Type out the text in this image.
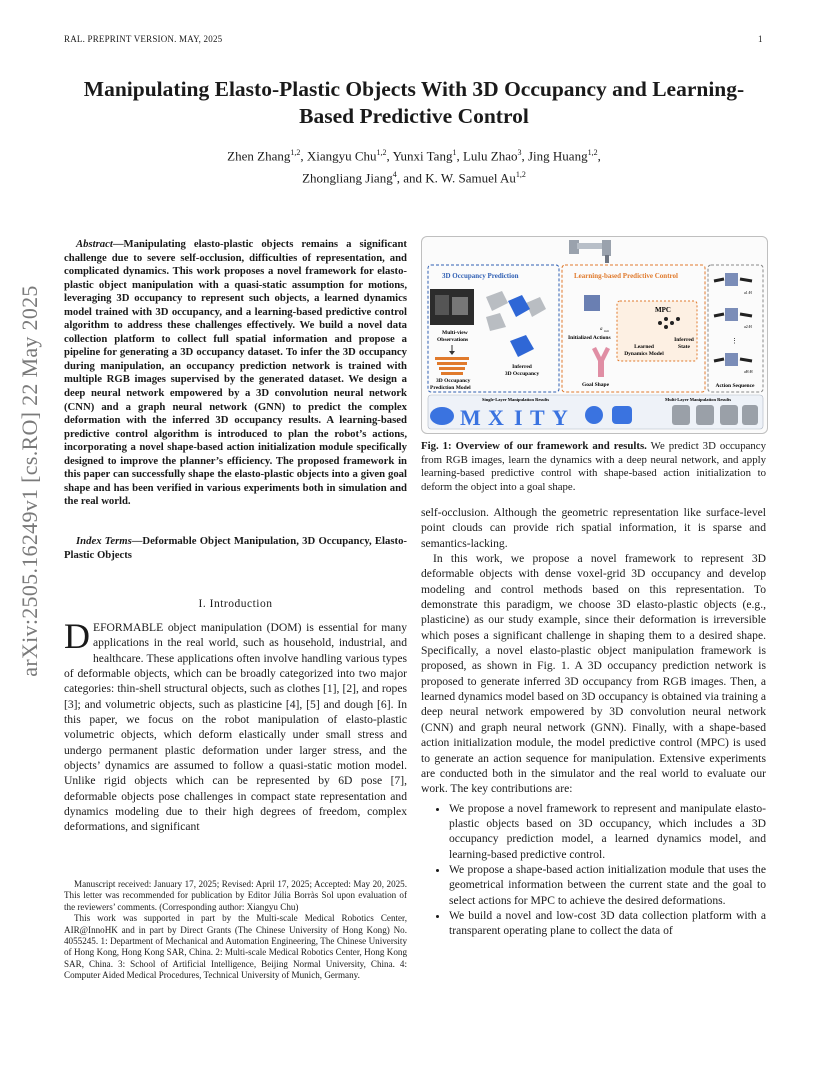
RAL. PREPRINT VERSION. MAY, 2025	1
arXiv:2505.16249v1 [cs.RO] 22 May 2025
Manipulating Elasto-Plastic Objects With 3D Occupancy and Learning-Based Predictive Control
Zhen Zhang$^{1,2}$, Xiangyu Chu$^{1,2}$, Yunxi Tang$^1$, Lulu Zhao$^3$, Jing Huang$^{1,2}$,
Zhongliang Jiang$^4$, and K. W. Samuel Au$^{1,2}$
Abstract—Manipulating elasto-plastic objects remains a significant challenge due to severe self-occlusion, difficulties of representation, and complicated dynamics. This work proposes a novel framework for elasto-plastic object manipulation with a quasi-static assumption for motions, leveraging 3D occupancy to represent such objects, a learned dynamics model trained with 3D occupancy, and a learning-based predictive control algorithm to address these challenges effectively. We build a novel data collection platform to collect full spatial information and propose a pipeline for generating a 3D occupancy dataset. To infer the 3D occupancy during manipulation, an occupancy prediction network is trained with multiple RGB images supervised by the generated dataset. We design a deep neural network empowered by a 3D convolution neural network (CNN) and a graph neural network (GNN) to predict the complex deformation with the inferred 3D occupancy results. A learning-based predictive control algorithm is introduced to plan the robot’s actions, incorporating a novel shape-based action initialization module specifically designed to improve the planner’s efficiency. The proposed framework in this paper can successfully shape the elasto-plastic objects into a given goal shape and has been verified in various experiments both in simulation and the real world.
Index Terms—Deformable Object Manipulation, 3D Occupancy, Elasto-Plastic Objects
I. Introduction
DEFORMABLE object manipulation (DOM) is essential for many applications in the real world, such as household, industrial, and healthcare. These applications often involve handling various types of deformable objects, which can be broadly categorized into two major categories: thin-shell structural objects, such as clothes [1], [2], and ropes [3]; and volumetric objects, such as plasticine [4], [5] and dough [6]. In this paper, we focus on the robot manipulation of elasto-plastic volumetric objects, which deform elastically under small stress and undergo permanent plastic deformation under larger stress, and the objects’ dynamics are assumed to follow a quasi-static motion model. Unlike rigid objects which can be represented by 6D pose [7], deformable objects pose challenges in compact state representation and dynamics modeling due to their high degrees of freedom, complex deformations, and significant

Manuscript received: January 17, 2025; Revised: April 17, 2025; Accepted: May 20, 2025. This letter was recommended for publication by Editor Júlia Borràs Sol upon evaluation of the reviewers’ comments. (Corresponding author: Xiangyu Chu)

This work was supported in part by the Multi-scale Medical Robotics Center, AIR@InnoHK and in part by Direct Grants (The Chinese University of Hong Kong) No. 4055245. 1: Department of Mechanical and Automation Engineering, The Chinese University of Hong Kong, Hong Kong SAR, China. 2: Multi-scale Medical Robotics Center, Hong Kong SAR, China. 3: School of Artificial Intelligence, Beijing Normal University, China. 4: Computer Aided Medical Procedures, Technical University of Munich, Germany.

3D Occupancy Prediction
Multi-view Observations
3D Occupancy Prediction Model
Inferred 3D Occupancy
Learning-based Predictive Control
a init
Initialized Actions
MPC
Learned Dynamics Model
Inferred State
Goal Shape
a1:H
a2:H
⋮
aH:H
Action Sequence
Single-Layer Manipulation Results	Multi-Layer Manipulation Results
M X I T Y
Fig. 1: Overview of our framework and results. We predict 3D occupancy from RGB images, learn the dynamics with a deep neural network, and apply learning-based predictive control with shape-based action initialization to deform the object into a goal shape.

self-occlusion. Although the geometric representation like surface-level point clouds can provide rich spatial information, it is sparse and semantics-lacking.

In this work, we propose a novel framework to represent 3D deformable objects with dense voxel-grid 3D occupancy and develop modeling and control methods based on this representation. To demonstrate this paradigm, we choose 3D elasto-plastic objects (e.g., plasticine) as our study example, since their deformation is irreversible which poses a significant challenge in shaping them to a desired shape. Specifically, a novel elasto-plastic object manipulation framework is proposed, as shown in Fig. 1. A 3D occupancy prediction network is proposed to generate inferred 3D occupancy from RGB images. Then, a learned dynamics model based on 3D occupancy is obtained via training a deep neural network empowered by 3D convolution neural network (CNN) and graph neural network (GNN). Finally, with a shape-based action initialization module, the model predictive control (MPC) is used to generate an action sequence for manipulation. Extensive experiments are conducted both in the simulator and the real world to evaluate our work. The key contributions are:

• We propose a novel framework to represent and manipulate elasto-plastic objects based on 3D occupancy, which includes a 3D occupancy prediction model, a learned dynamics model, and learning-based predictive control.
• We propose a shape-based action initialization module that uses the geometrical information between the current state and the goal to select actions for MPC to achieve the desired deformations.
• We build a novel and low-cost 3D data collection platform with a transparent operating plane to collect the data of
